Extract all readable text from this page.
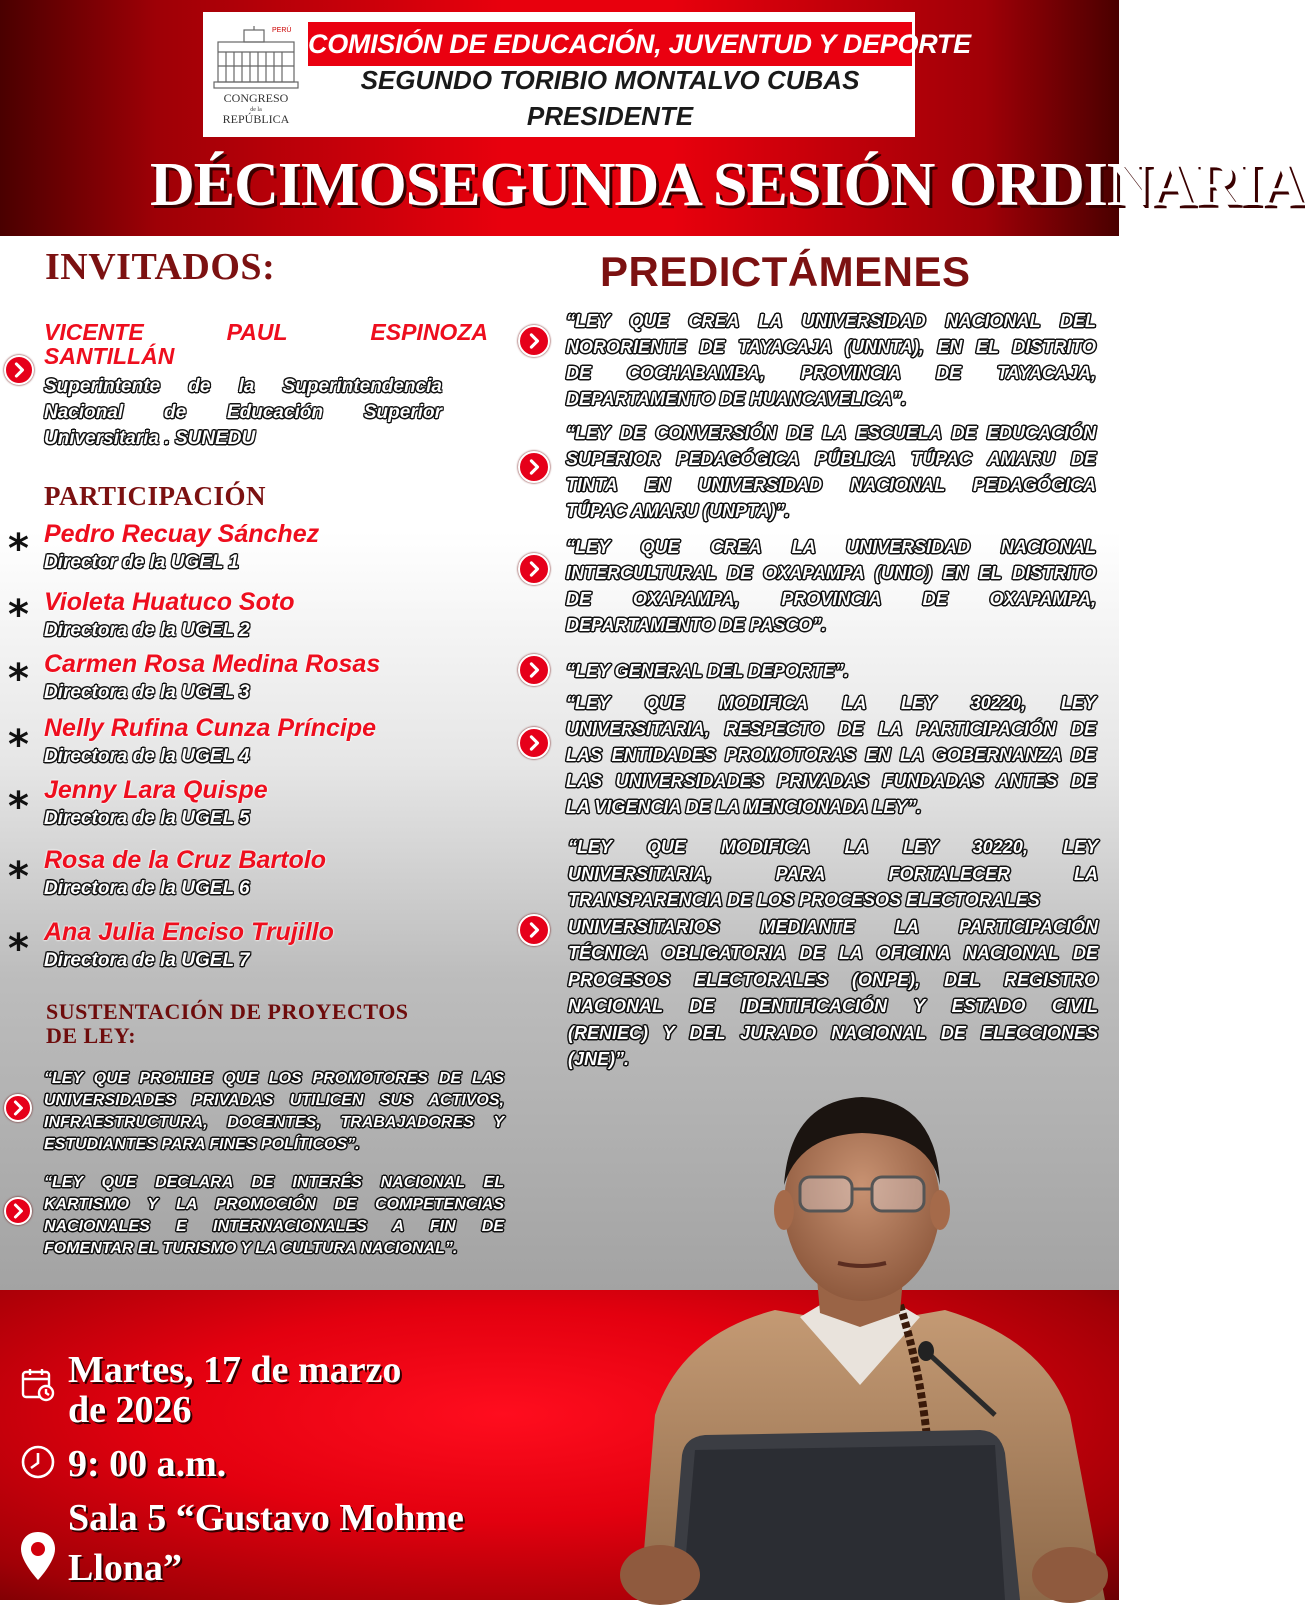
PERÚ
CONGRESO
de la
REPÚBLICA
COMISIÓN DE EDUCACIÓN, JUVENTUD Y DEPORTE
SEGUNDO TORIBIO MONTALVO CUBAS
PRESIDENTE
DÉCIMOSEGUNDA SESIÓN ORDINARIA
INVITADOS:
VICENTE	PAUL	ESPINOZA
SANTILLÁN
Superintente de la Superintendencia
Nacional de Educación Superior
Universitaria . SUNEDU
PARTICIPACIÓN
* Pedro Recuay Sánchez
Director de la UGEL 1
* Violeta Huatuco Soto
Directora de la UGEL 2
* Carmen Rosa Medina Rosas
Directora de la UGEL 3
* Nelly Rufina Cunza Príncipe
Directora de la UGEL 4
* Jenny Lara Quispe
Directora de la UGEL 5
* Rosa de la Cruz Bartolo
Directora de la UGEL 6
* Ana Julia Enciso Trujillo
Directora de la UGEL 7
SUSTENTACIÓN DE PROYECTOS
DE LEY:
“LEY QUE PROHIBE QUE LOS PROMOTORES DE LAS
UNIVERSIDADES PRIVADAS UTILICEN SUS ACTIVOS,
INFRAESTRUCTURA, DOCENTES, TRABAJADORES Y
ESTUDIANTES PARA FINES POLÍTICOS”.
“LEY QUE DECLARA DE INTERÉS NACIONAL EL
KARTISMO Y LA PROMOCIÓN DE COMPETENCIAS
NACIONALES E INTERNACIONALES A FIN DE
FOMENTAR EL TURISMO Y LA CULTURA NACIONAL”.
PREDICTÁMENES
“LEY QUE CREA LA UNIVERSIDAD NACIONAL DEL
NORORIENTE DE TAYACAJA (UNNTA), EN EL DISTRITO
DE COCHABAMBA, PROVINCIA DE TAYACAJA,
DEPARTAMENTO DE HUANCAVELICA”.
“LEY DE CONVERSIÓN DE LA ESCUELA DE EDUCACIÓN
SUPERIOR PEDAGÓGICA PÚBLICA TÚPAC AMARU DE
TINTA EN UNIVERSIDAD NACIONAL PEDAGÓGICA
TÚPAC AMARU (UNPTA)”.
“LEY QUE CREA LA UNIVERSIDAD NACIONAL
INTERCULTURAL DE OXAPAMPA (UNIO) EN EL DISTRITO
DE OXAPAMPA, PROVINCIA DE OXAPAMPA,
DEPARTAMENTO DE PASCO”.
“LEY GENERAL DEL DEPORTE”.
“LEY QUE MODIFICA LA LEY 30220, LEY
UNIVERSITARIA, RESPECTO DE LA PARTICIPACIÓN DE
LAS ENTIDADES PROMOTORAS EN LA GOBERNANZA DE
LAS UNIVERSIDADES PRIVADAS FUNDADAS ANTES DE
LA VIGENCIA DE LA MENCIONADA LEY”.
“LEY QUE MODIFICA LA LEY 30220, LEY
UNIVERSITARIA, PARA FORTALECER LA
TRANSPARENCIA DE LOS PROCESOS ELECTORALES
UNIVERSITARIOS MEDIANTE LA PARTICIPACIÓN
TÉCNICA OBLIGATORIA DE LA OFICINA NACIONAL DE
PROCESOS ELECTORALES (ONPE), DEL REGISTRO
NACIONAL DE IDENTIFICACIÓN Y ESTADO CIVIL
(RENIEC) Y DEL JURADO NACIONAL DE ELECCIONES
(JNE)”.
Martes, 17 de marzo
de 2026
9: 00 a.m.
Sala 5 “Gustavo Mohme
Llona”
